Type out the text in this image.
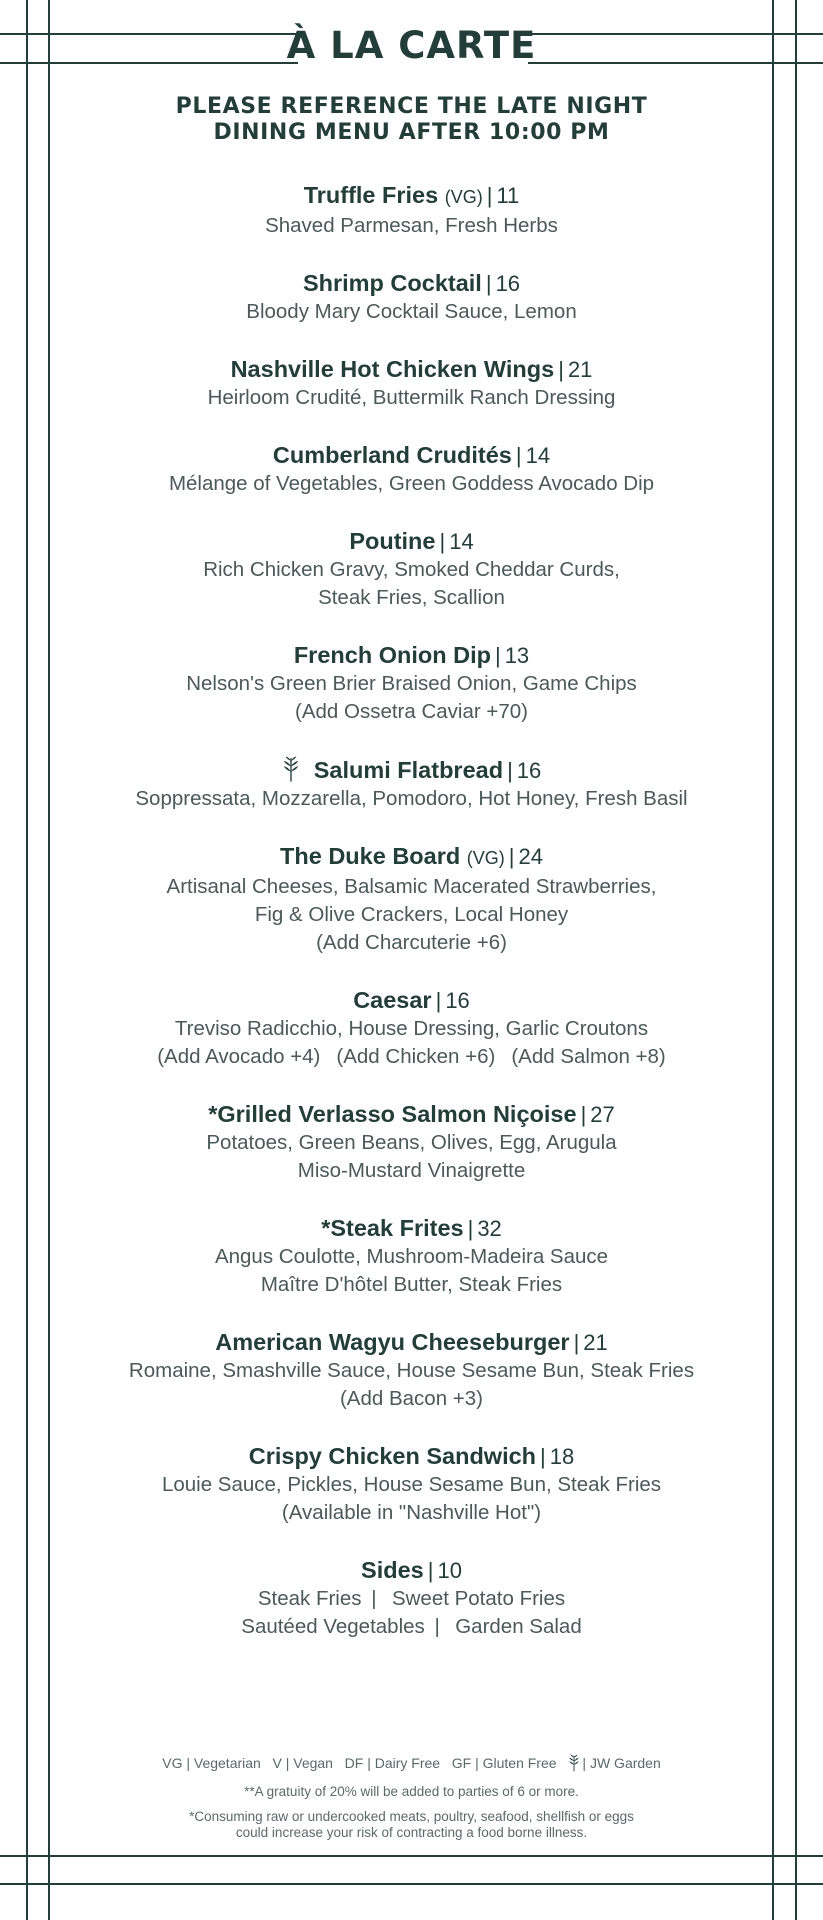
À LA CARTE
PLEASE REFERENCE THE LATE NIGHT
DINING MENU AFTER 10:00 PM
Truffle Fries (VG) | 11
Shaved Parmesan, Fresh Herbs
Shrimp Cocktail | 16
Bloody Mary Cocktail Sauce, Lemon
Nashville Hot Chicken Wings | 21
Heirloom Crudité, Buttermilk Ranch Dressing
Cumberland Crudités | 14
Mélange of Vegetables, Green Goddess Avocado Dip
Poutine | 14
Rich Chicken Gravy, Smoked Cheddar Curds,
Steak Fries, Scallion
French Onion Dip | 13
Nelson's Green Brier Braised Onion, Game Chips
(Add Ossetra Caviar +70)
Salumi Flatbread | 16
Soppressata, Mozzarella, Pomodoro, Hot Honey, Fresh Basil
The Duke Board (VG) | 24
Artisanal Cheeses, Balsamic Macerated Strawberries,
Fig & Olive Crackers, Local Honey
(Add Charcuterie +6)
Caesar | 16
Treviso Radicchio, House Dressing, Garlic Croutons
(Add Avocado +4) (Add Chicken +6) (Add Salmon +8)
*Grilled Verlasso Salmon Niçoise | 27
Potatoes, Green Beans, Olives, Egg, Arugula
Miso-Mustard Vinaigrette
*Steak Frites | 32
Angus Coulotte, Mushroom-Madeira Sauce
Maître D'hôtel Butter, Steak Fries
American Wagyu Cheeseburger | 21
Romaine, Smashville Sauce, House Sesame Bun, Steak Fries
(Add Bacon +3)
Crispy Chicken Sandwich | 18
Louie Sauce, Pickles, House Sesame Bun, Steak Fries
(Available in "Nashville Hot")
Sides | 10
Steak Fries |  Sweet Potato Fries
Sautéed Vegetables |  Garden Salad
VG | Vegetarian V | Vegan DF | Dairy Free GF | Gluten Free | JW Garden
**A gratuity of 20% will be added to parties of 6 or more.
*Consuming raw or undercooked meats, poultry, seafood, shellfish or eggs
could increase your risk of contracting a food borne illness.
